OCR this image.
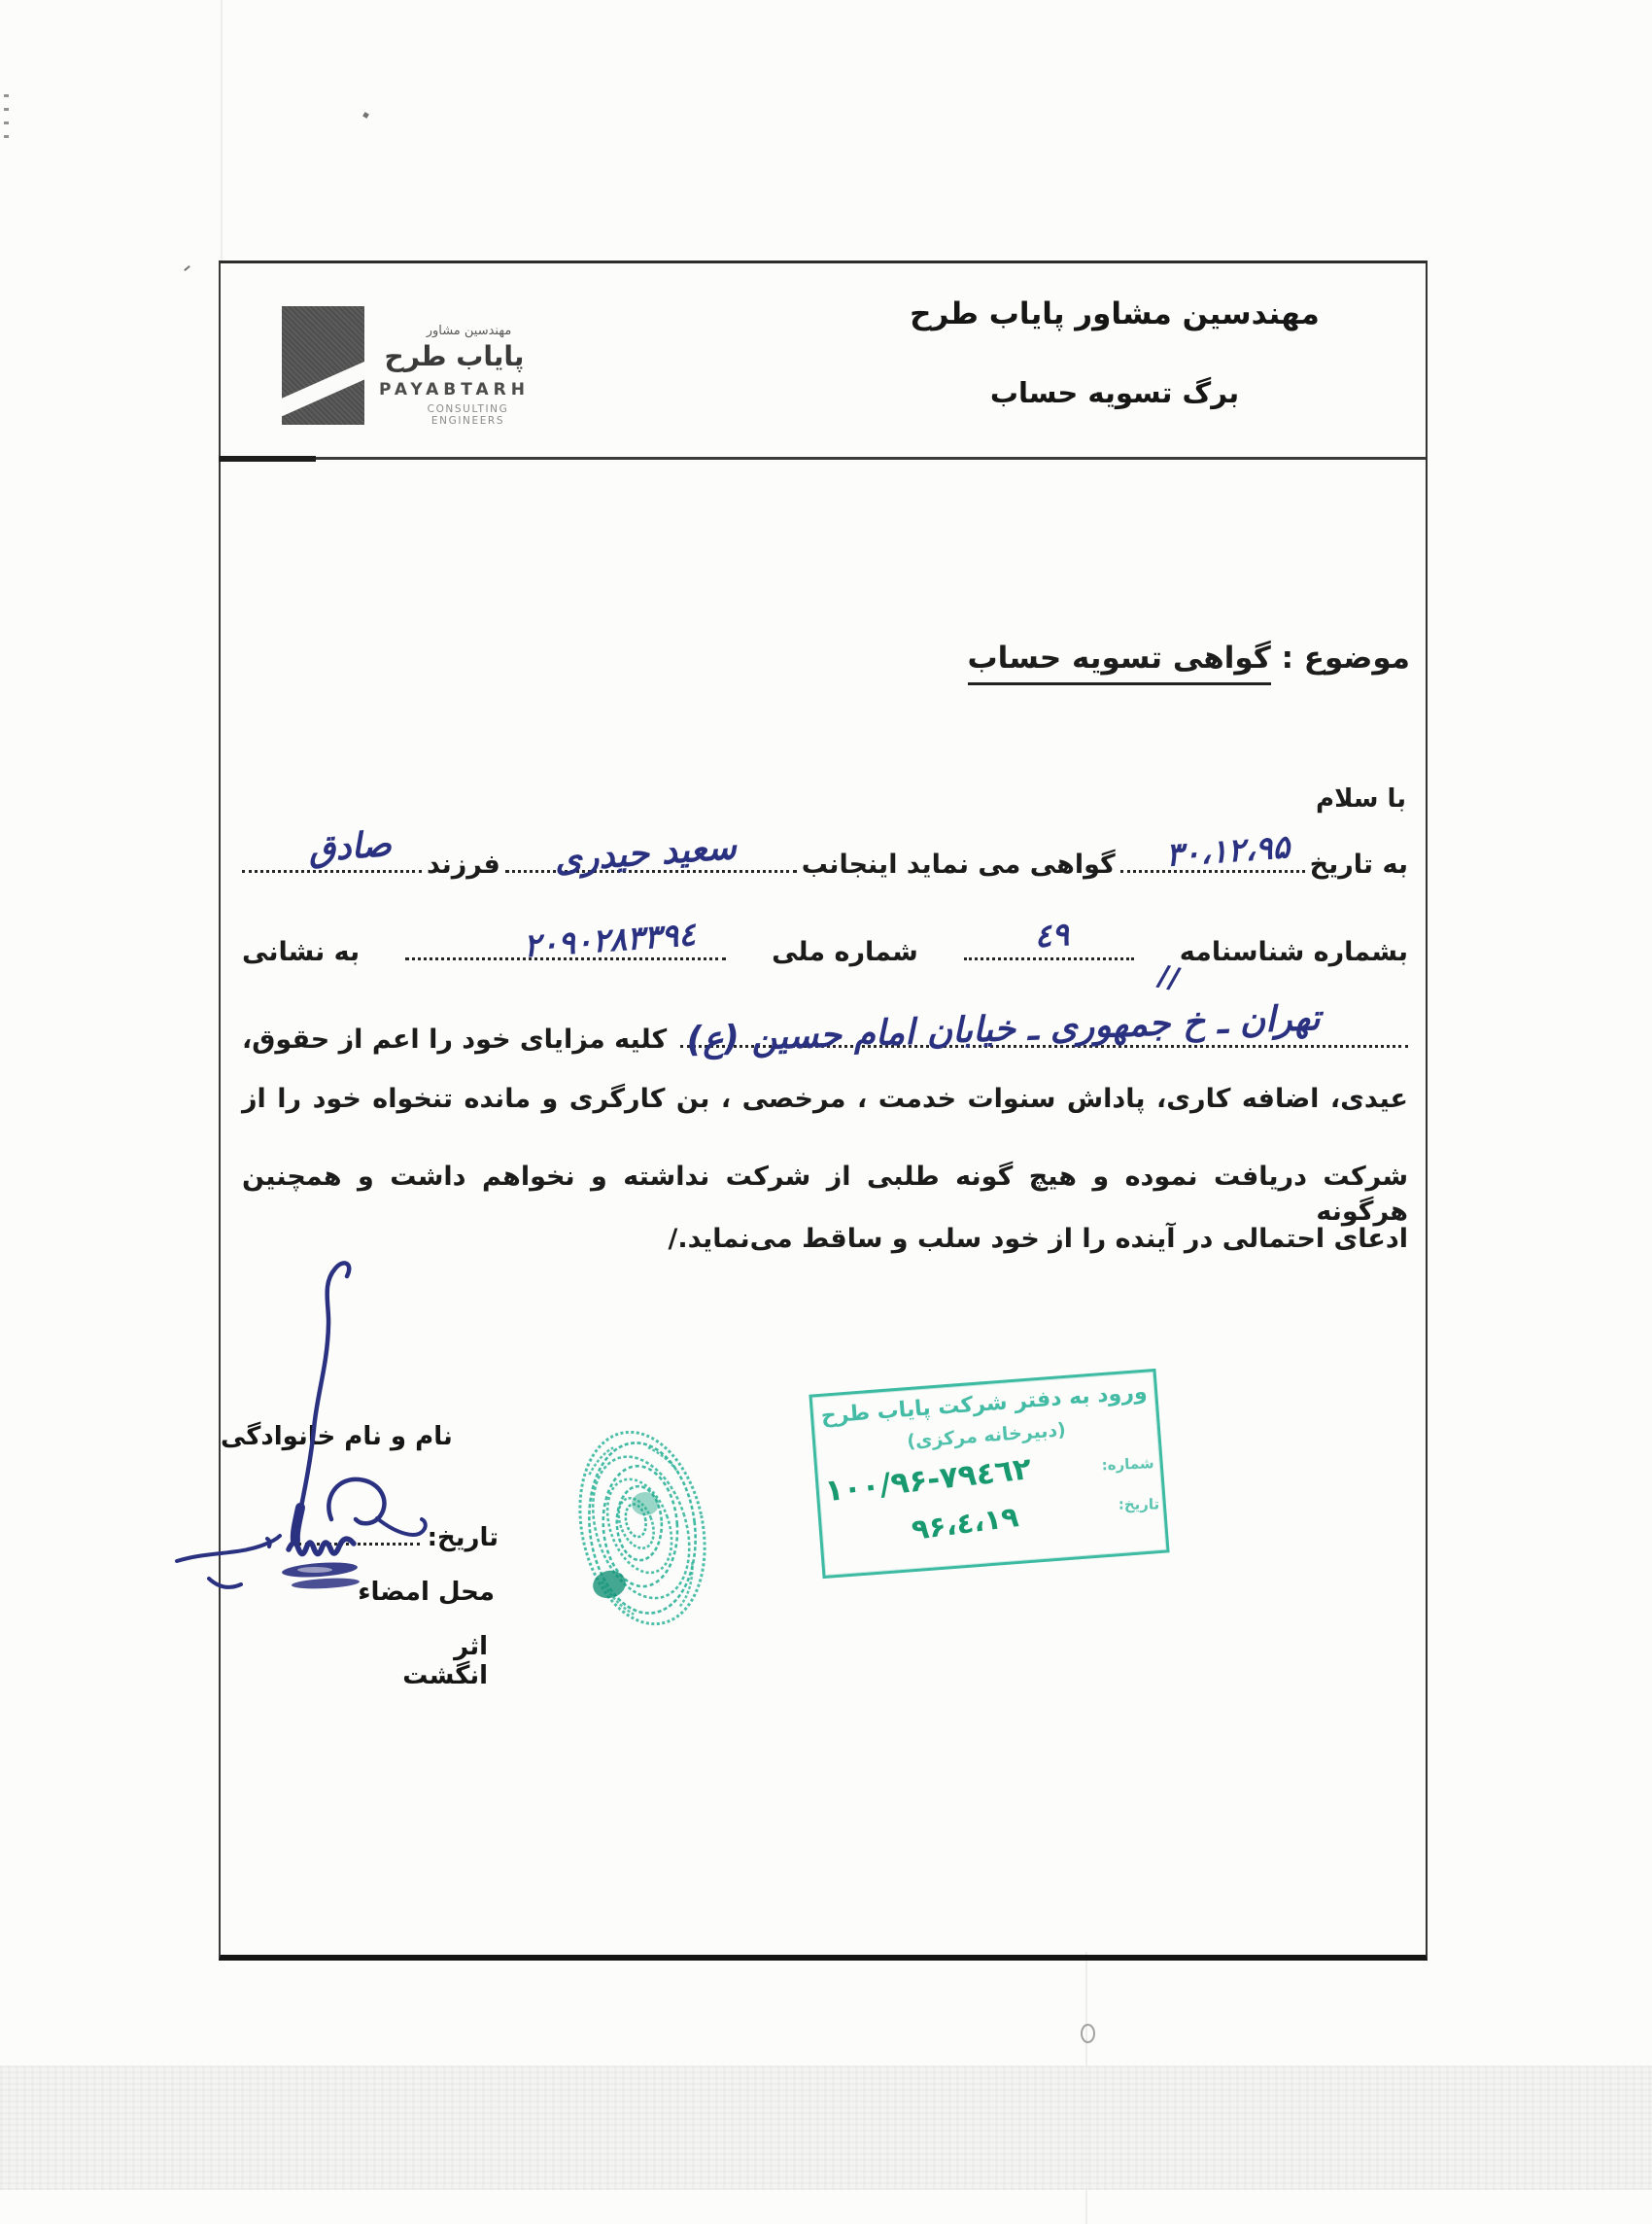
مهندسین مشاور
پایاب طرح
PAYABTARH
CONSULTING ENGINEERS
مهندسین مشاور پایاب طرح
برگ تسویه حساب
موضوع : گواهی تسویه حساب
با سلام
به تاریخ
۳۰،۱۲،۹۵
گواهی می نماید اینجانب
سعید حیدری
فرزند
صادق
بشماره شناسنامه
٤٩
شماره ملی
۲۰۹۰۲۸۳۳۹٤
به نشانی
//
تهران ـ خ جمهوری ـ خیابان امام حسین (ع)
کلیه مزایای خود را اعم از حقوق،
عیدی، اضافه کاری، پاداش سنوات خدمت ، مرخصی ، بن کارگری و مانده تنخواه خود را از
شرکت دریافت نموده و هیچ گونه طلبی از شرکت نداشته و نخواهم داشت و همچنین هرگونه
ادعای احتمالی در آینده را از خود سلب و ساقط می‌نماید./
نام و نام خانوادگی
تاریخ:
محل امضاء
اثر انگشت
ورود به دفتر شرکت پایاب طرح
(دبیرخانه مرکزی)
شماره:
تاریخ:
۱۰۰/۹۶-۷۹٤٦۲
۹۶،٤،۱۹
